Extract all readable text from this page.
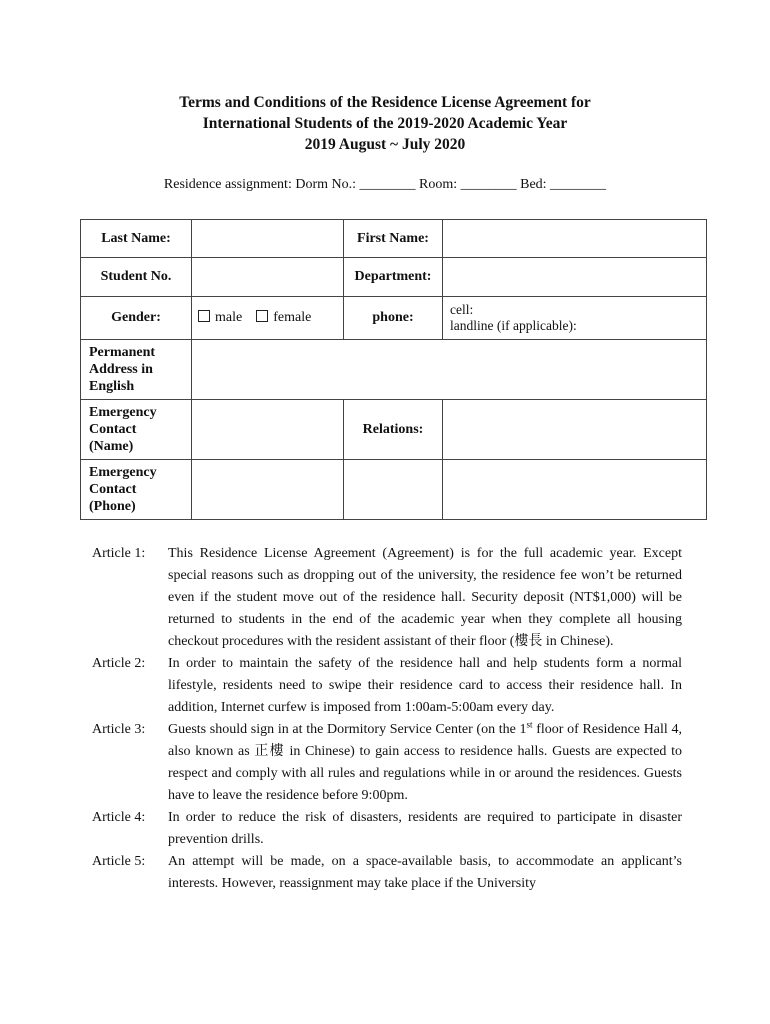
Terms and Conditions of the Residence License Agreement for
International Students of the 2019-2020 Academic Year
2019 August ~ July 2020
Residence assignment: Dorm No.: ________ Room: ________ Bed: ________
Last Name:		First Name:	
Student No.		Department:	
Gender:	male female	phone:	cell:
landline (if applicable):

Permanent
Address in
English			

Emergency
Contact
(Name)		Relations:	

Emergency
Contact
(Phone)			

Article 1:	This Residence License Agreement (Agreement) is for the full academic year. Except special reasons such as dropping out of the university, the residence fee won’t be returned even if the student move out of the residence hall. Security deposit (NT$1,000) will be returned to students in the end of the academic year when they complete all housing checkout procedures with the resident assistant of their floor (樓長 in Chinese).
Article 2:	In order to maintain the safety of the residence hall and help students form a normal lifestyle, residents need to swipe their residence card to access their residence hall. In addition, Internet curfew is imposed from 1:00am-5:00am every day.
Article 3:	Guests should sign in at the Dormitory Service Center (on the 1st floor of Residence Hall 4, also known as 正樓 in Chinese) to gain access to residence halls. Guests are expected to respect and comply with all rules and regulations while in or around the residences. Guests have to leave the residence before 9:00pm.
Article 4:	In order to reduce the risk of disasters, residents are required to participate in disaster prevention drills.
Article 5:	An attempt will be made, on a space-available basis, to accommodate an applicant’s interests. However, reassignment may take place if the University
